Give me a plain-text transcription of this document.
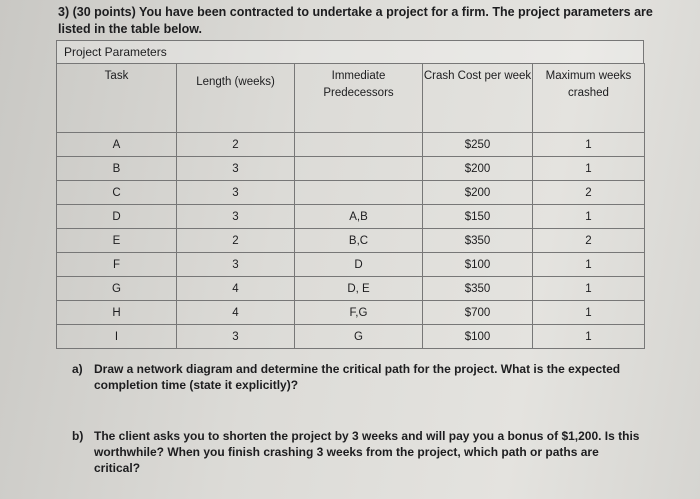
3) (30 points) You have been contracted to undertake a project for a firm. The project parameters are listed in the table below.
Project Parameters
Task	Length (weeks)	Immediate Predecessors	Crash Cost per week	Maximum weeks crashed
A	2		$250	1
B	3		$200	1
C	3		$200	2
D	3	A,B	$150	1
E	2	B,C	$350	2
F	3	D	$100	1
G	4	D, E	$350	1
H	4	F,G	$700	1
I	3	G	$100	1
a) Draw a network diagram and determine the critical path for the project. What is the expected completion time (state it explicitly)?
b) The client asks you to shorten the project by 3 weeks and will pay you a bonus of $1,200. Is this worthwhile? When you finish crashing 3 weeks from the project, which path or paths are critical?
